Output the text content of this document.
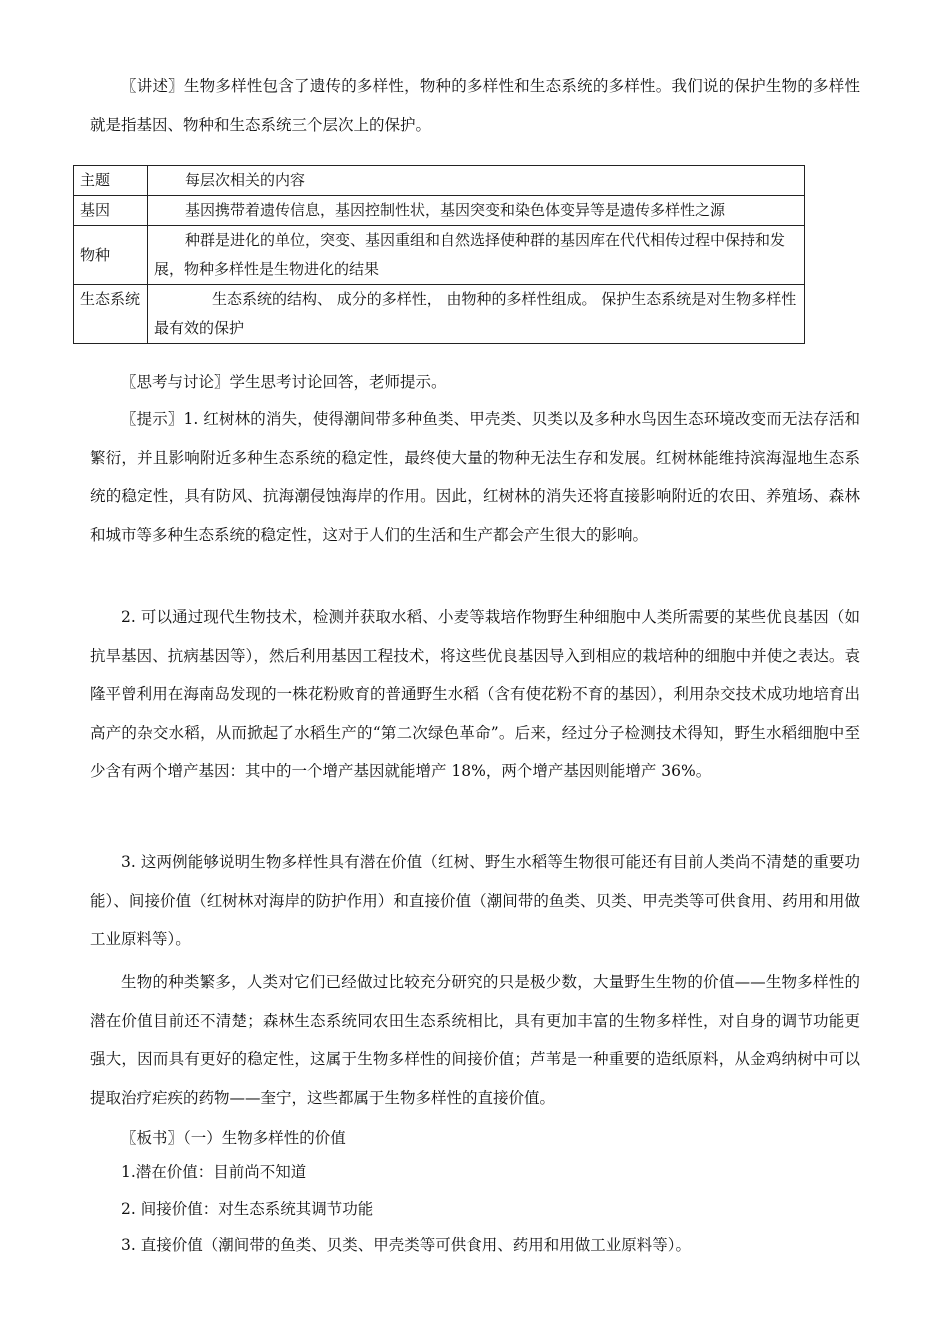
〖讲述〗生物多样性包含了遗传的多样性，物种的多样性和生态系统的多样性。我们说的保护生物的多样性就是指基因、物种和生态系统三个层次上的保护。

主题	每层次相关的内容
基因	基因携带着遗传信息，基因控制性状，基因突变和染色体变异等是遗传多样性之源
物种	种群是进化的单位，突变、基因重组和自然选择使种群的基因库在代代相传过程中保持和发展，物种多样性是生物进化的结果
生态系统	生态系统的结构、 成分的多样性， 由物种的多样性组成。 保护生态系统是对生物多样性最有效的保护

〖思考与讨论〗学生思考讨论回答，老师提示。

〖提示〗1. 红树林的消失，使得潮间带多种鱼类、甲壳类、贝类以及多种水鸟因生态环境改变而无法存活和繁衍，并且影响附近多种生态系统的稳定性，最终使大量的物种无法生存和发展。红树林能维持滨海湿地生态系统的稳定性，具有防风、抗海潮侵蚀海岸的作用。因此，红树林的消失还将直接影响附近的农田、养殖场、森林和城市等多种生态系统的稳定性，这对于人们的生活和生产都会产生很大的影响。

2. 可以通过现代生物技术，检测并获取水稻、小麦等栽培作物野生种细胞中人类所需要的某些优良基因（如抗旱基因、抗病基因等），然后利用基因工程技术，将这些优良基因导入到相应的栽培种的细胞中并使之表达。袁隆平曾利用在海南岛发现的一株花粉败育的普通野生水稻（含有使花粉不育的基因），利用杂交技术成功地培育出高产的杂交水稻，从而掀起了水稻生产的“第二次绿色革命”。后来，经过分子检测技术得知，野生水稻细胞中至少含有两个增产基因：其中的一个增产基因就能增产 18%，两个增产基因则能增产 36%。

3. 这两例能够说明生物多样性具有潜在价值（红树、野生水稻等生物很可能还有目前人类尚不清楚的重要功能）、间接价值（红树林对海岸的防护作用）和直接价值（潮间带的鱼类、贝类、甲壳类等可供食用、药用和用做工业原料等）。

生物的种类繁多，人类对它们已经做过比较充分研究的只是极少数，大量野生生物的价值——生物多样性的潜在价值目前还不清楚；森林生态系统同农田生态系统相比，具有更加丰富的生物多样性，对自身的调节功能更强大，因而具有更好的稳定性，这属于生物多样性的间接价值；芦苇是一种重要的造纸原料，从金鸡纳树中可以提取治疗疟疾的药物——奎宁，这些都属于生物多样性的直接价值。

〖板书〗（一）生物多样性的价值

1.潜在价值：目前尚不知道

2. 间接价值：对生态系统其调节功能

3. 直接价值（潮间带的鱼类、贝类、甲壳类等可供食用、药用和用做工业原料等）。
